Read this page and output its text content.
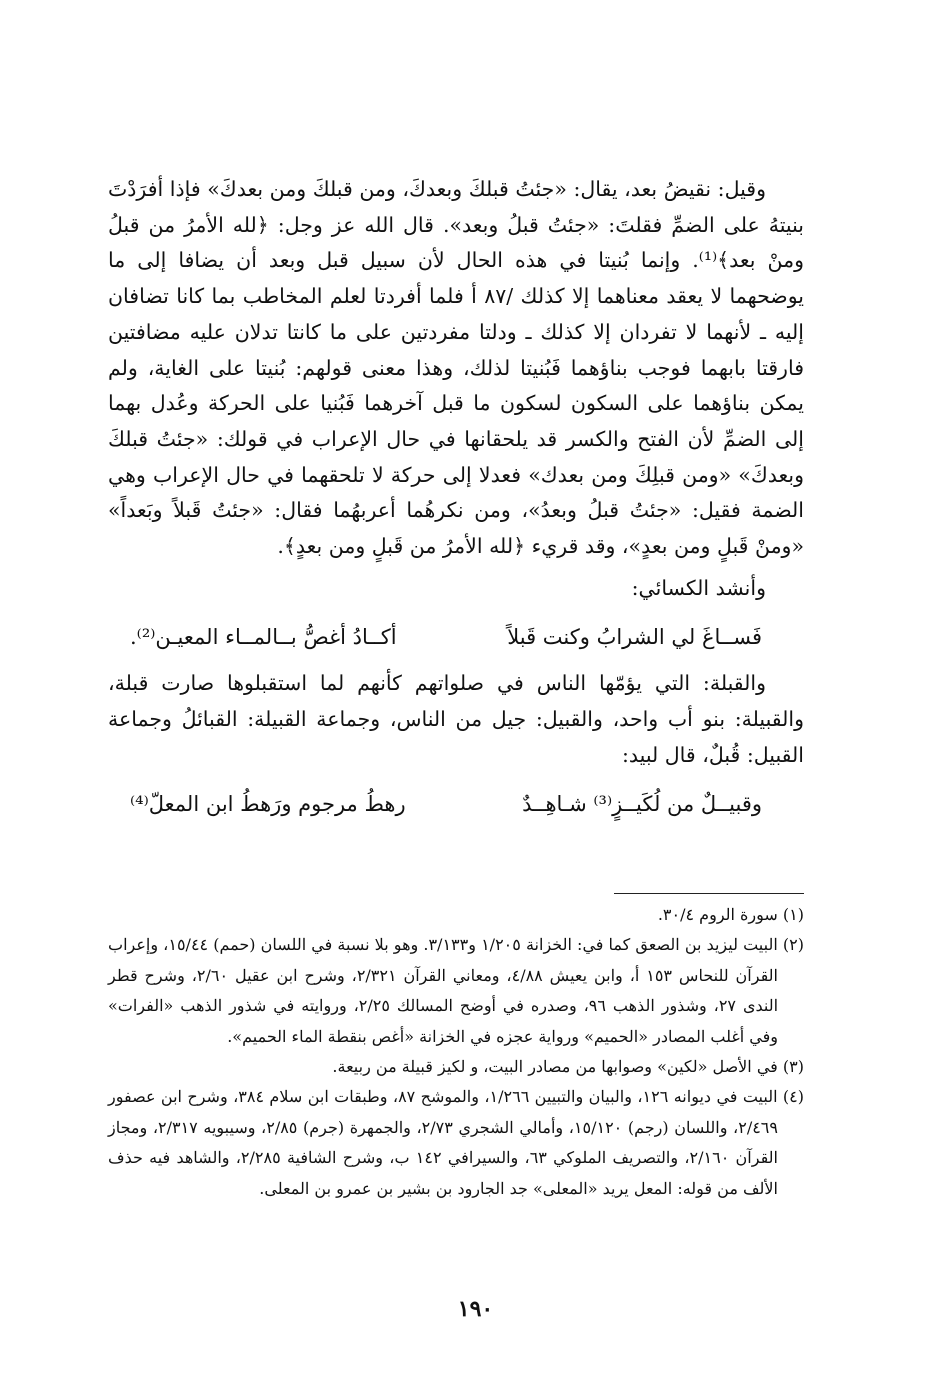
وقيل: نقيضُ بعد، يقال: «جئتُ قبلكَ وبعدكَ، ومن قبلكَ ومن بعدكَ» فإذا أفرَدْتَ بنيتهُ على الضمِّ فقلتَ: «جئتُ قبلُ وبعد». قال الله عز وجل: ﴿لله الأمرُ من قبلُ ومنْ بعد﴾⁽¹⁾. وإنما بُنيتا في هذه الحال لأن سبيل قبل وبعد أن يضافا إلى ما يوضحهما لا يعقد معناهما إلا كذلك /٨٧ أ فلما أفردتا لعلم المخاطب بما كانا تضافان إليه ـ لأنهما لا تفردان إلا كذلك ـ ودلتا مفردتين على ما كانتا تدلان عليه مضافتين فارقتا بابهما فوجب بناؤهما فَبُنيتا لذلك، وهذا معنى قولهم: بُنيتا على الغاية، ولم يمكن بناؤهما على السكون لسكون ما قبل آخرهما فَبُنيا على الحركة وعُدل بهما إلى الضمِّ لأن الفتح والكسر قد يلحقانها في حال الإعراب في قولك: «جئتُ قبلكَ وبعدكَ» «ومن قبلِكَ ومن بعدك» فعدلا إلى حركة لا تلحقهما في حال الإعراب وهي الضمة فقيل: «جئتُ قبلُ وبعدُ»، ومن نكرهُما أعربهُما فقال: «جئتُ قَبلاً وبَعداً» «ومنْ قَبلٍ ومن بعدٍ»، وقد قريء ﴿لله الأمرُ من قَبلٍ ومن بعدٍ﴾.

وأنشد الكسائي:

فَســاغَ لي الشرابُ وكنت قَبلاً
أكــادُ أغصُّ بــالمــاء المعيـن⁽²⁾.

والقبلة: التي يؤمّها الناس في صلواتهم كأنهم لما استقبلوها صارت قبلة، والقبيلة: بنو أب واحد، والقبيل: جيل من الناس، وجماعة القبيلة: القبائلُ وجماعة القبيل: قُبلٌ، قال لبيد:

وقبيــلٌ من لُكَيــزٍ⁽³⁾ شـاهِــدٌ
رهطُ مرجوم ورَهطُ ابن المعلّ⁽⁴⁾

(١) سورة الروم ٣٠/٤.

(٢) البيت ليزيد بن الصعق كما في: الخزانة ١/٢٠٥ و٣/١٣٣. وهو بلا نسبة في اللسان (حمم) ١٥/٤٤، وإعراب القرآن للنحاس ١٥٣ أ، وابن يعيش ٤/٨٨، ومعاني القرآن ٢/٣٢١، وشرح ابن عقيل ٢/٦٠، وشرح قطر الندى ٢٧، وشذور الذهب ٩٦، وصدره في أوضح المسالك ٢/٢٥، وروايته في شذور الذهب «الفرات» وفي أغلب المصادر «الحميم» ورواية عجزه في الخزانة «أغص بنقطة الماء الحميم».

(٣) في الأصل «لكين» وصوابها من مصادر البيت، و لكيز قبيلة من ربيعة.

(٤) البيت في ديوانه ١٢٦، والبيان والتبيين ١/٢٦٦، والموشح ٨٧، وطبقات ابن سلام ٣٨٤، وشرح ابن عصفور ٢/٤٦٩، واللسان (رجم) ١٥/١٢٠، وأمالي الشجري ٢/٧٣، والجمهرة (جرم) ٢/٨٥، وسيبويه ٢/٣١٧، ومجاز القرآن ٢/١٦٠، والتصريف الملوكي ٦٣، والسيرافي ١٤٢ ب، وشرح الشافية ٢/٢٨٥، والشاهد فيه حذف الألف من قوله: المعل يريد «المعلى» جد الجارود بن بشير بن عمرو بن المعلى.

١٩٠
